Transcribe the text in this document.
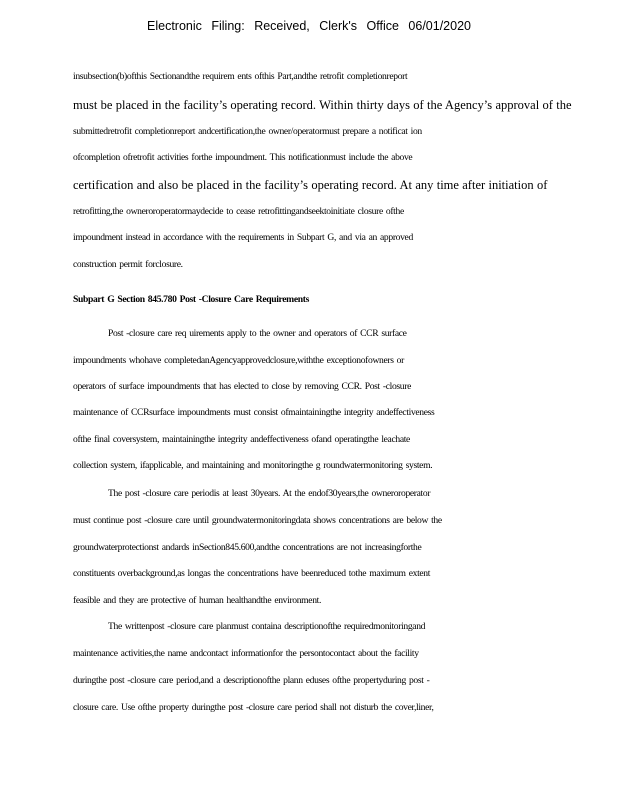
Electronic Filing: Received, Clerk's Office 06/01/2020
insubsection(b)ofthis Sectionandthe requirem ents ofthis Part,andthe retrofit completionreport
must be placed in the facility’s operating record. Within thirty days of the Agency’s approval of the
submittedretrofit completionreport andcertification,the owner/operatormust prepare a notificat ion
ofcompletion ofretrofit activities forthe impoundment. This notificationmust include the above
certification and also be placed in the facility’s operating record. At any time after initiation of
retrofitting,the owneroroperatormaydecide to cease retrofittingandseektoinitiate closure ofthe
impoundment instead in accordance with the requirements in Subpart G, and via an approved
construction permit forclosure.
Subpart G Section 845.780 Post -Closure Care Requirements
Post -closure care req uirements apply to the owner and operators of CCR surface
impoundments whohave completedanAgencyapprovedclosure,withthe exceptionofowners or
operators of surface impoundments that has elected to close by removing CCR. Post -closure
maintenance of CCRsurface impoundments must consist ofmaintainingthe integrity andeffectiveness
ofthe final coversystem, maintainingthe integrity andeffectiveness ofand operatingthe leachate
collection system, ifapplicable, and maintaining and monitoringthe g roundwatermonitoring system.
The post -closure care periodis at least 30years. At the endof30years,the owneroroperator
must continue post -closure care until groundwatermonitoringdata shows concentrations are below the
groundwaterprotectionst andards inSection845.600,andthe concentrations are not increasingforthe
constituents overbackground,as longas the concentrations have beenreduced tothe maximum extent
feasible and they are protective of human healthandthe environment.
The writtenpost -closure care planmust containa descriptionofthe requiredmonitoringand
maintenance activities,the name andcontact informationfor the persontocontact about the facility
duringthe post -closure care period,and a descriptionofthe plann eduses ofthe propertyduring post -
closure care. Use ofthe property duringthe post -closure care period shall not disturb the cover,liner,
